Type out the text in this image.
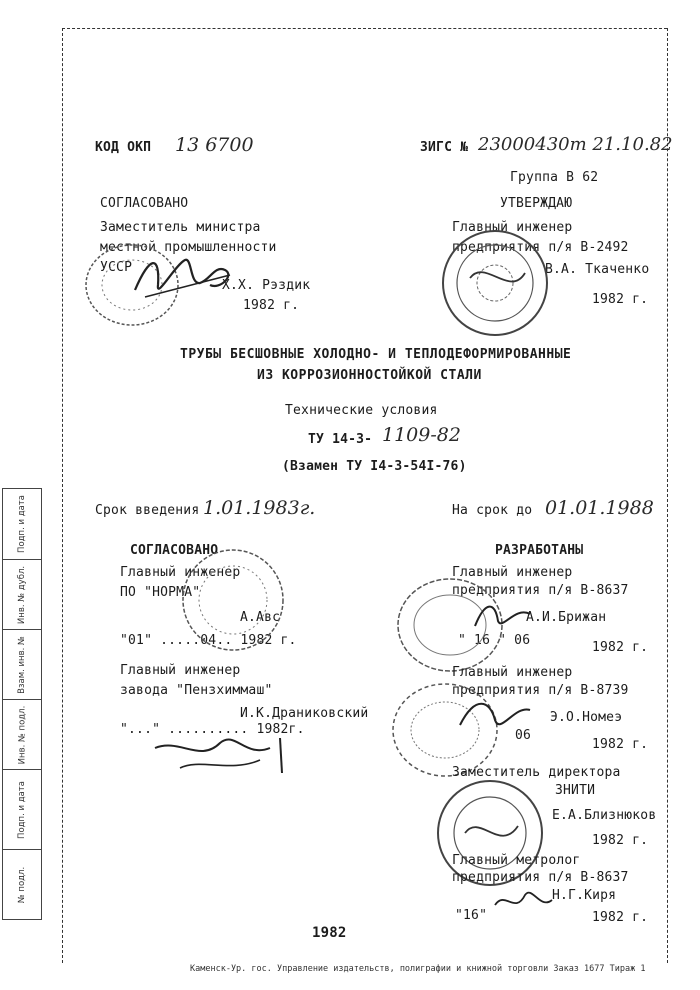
Подп. и дата
Инв. № дубл.
Взам. инв. №
Инв. № подл.
Подп. и дата
№ подл.
КОД ОКП 13 6700	ЗИГС № 23000430т 21.10.82
Группа В 62
СОГЛАСОВАНО
Заместитель министра
местной промышленности
УССР
Х.Х. Рэздик
1982 г.
УТВЕРЖДАЮ
Главный инженер
предприятия п/я В-2492
В.А. Ткаченко
1982 г.
ТРУБЫ БЕСШОВНЫЕ ХОЛОДНО- И ТЕПЛОДЕФОРМИРОВАННЫЕ
ИЗ КОРРОЗИОННОСТОЙКОЙ СТАЛИ
Технические условия
ТУ 14-3- 1109-82
(Взамен ТУ I4-3-54I-76)
Срок введения 1.01.1983г.	На срок до 01.01.1988
СОГЛАСОВАНО
Главный инженер
ПО "НОРМА"
А.Авс
"01" .....04.. 1982 г.
Главный инженер
завода "Пензхиммаш"
И.К.Драниковский
"..." .......... 1982г.
РАЗРАБОТАНЫ
Главный инженер
предприятия п/я В-8637
А.И.Брижан
" 16 " 06	1982 г.
Главный инженер
предприятия п/я В-8739
Э.О.Номеэ
06
1982 г.
Заместитель директора
ЗНИТИ
Е.А.Близнюков
1982 г.
Главный метролог
предприятия п/я В-8637
Н.Г.Киря
"16"	1982 г.
1982
Каменск-Ур. гос. Управление издательств, полиграфии и книжной торговли Заказ 1677 Тираж 1
